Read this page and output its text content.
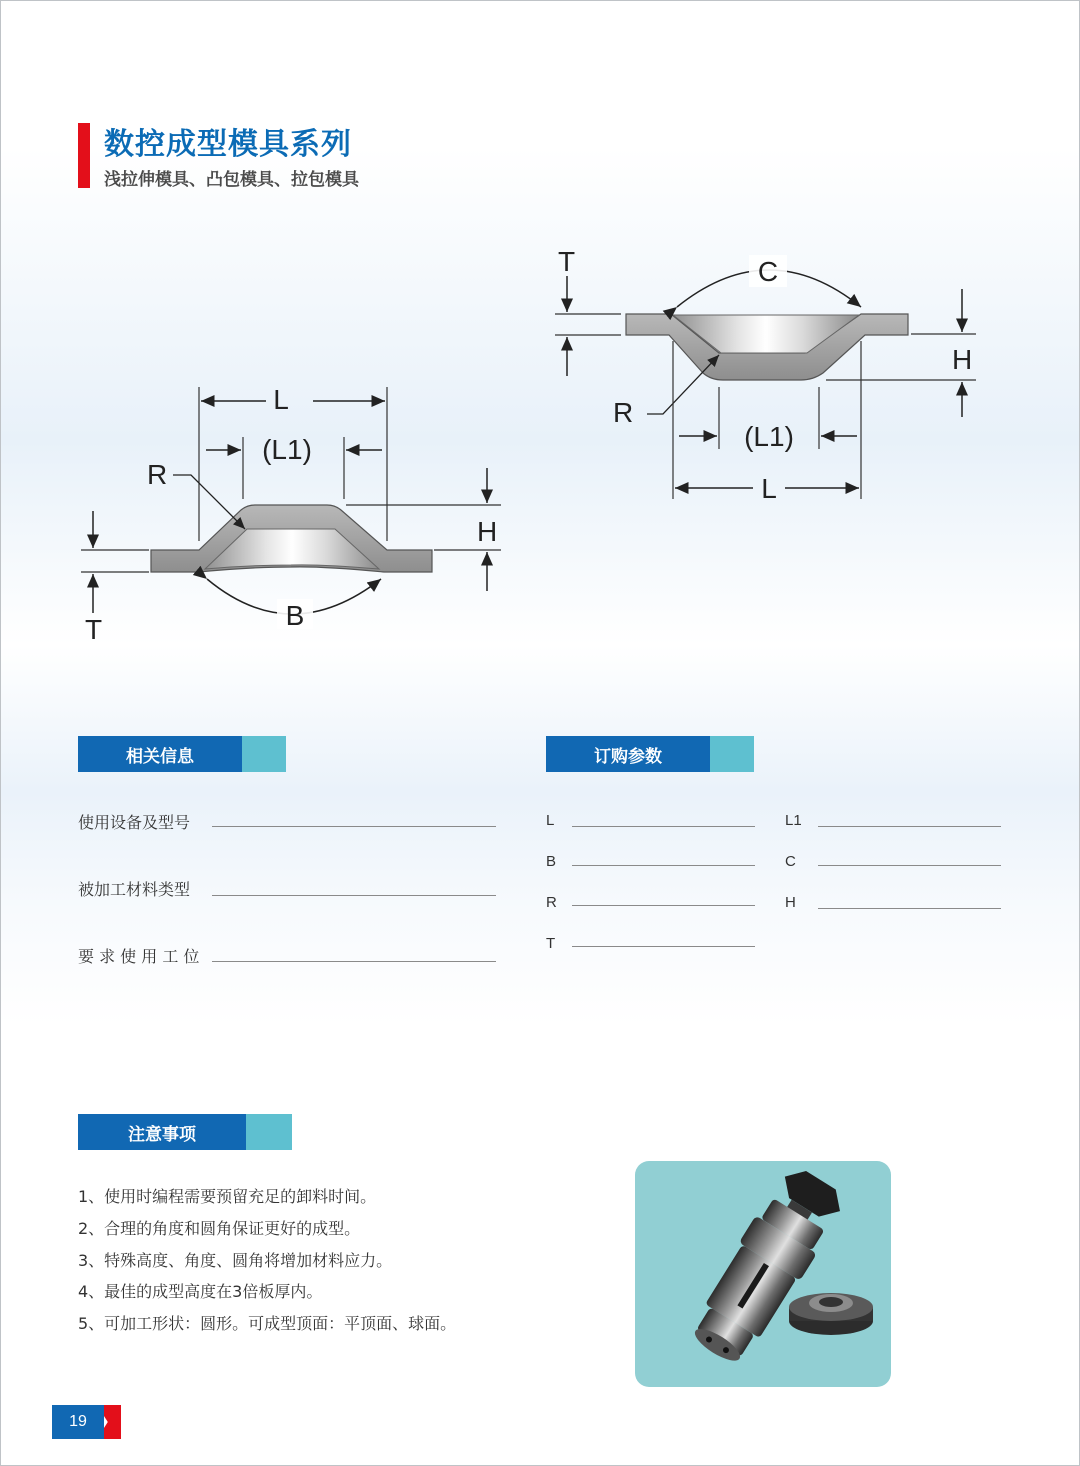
数控成型模具系列
浅拉伸模具、凸包模具、拉包模具
L
(L1)
R
H
T	B
C
T
H
R
(L1)
L
相关信息
使用设备及型号
被加工材料类型
要 求 使 用 工 位
订购参数
L
B
R
T
L1
C
H
注意事项
1、使用时编程需要预留充足的卸料时间。
2、合理的角度和圆角保证更好的成型。
3、特殊高度、角度、圆角将增加材料应力。
4、最佳的成型高度在3倍板厚内。
5、可加工形状：圆形。可成型顶面：平顶面、球面。
19
